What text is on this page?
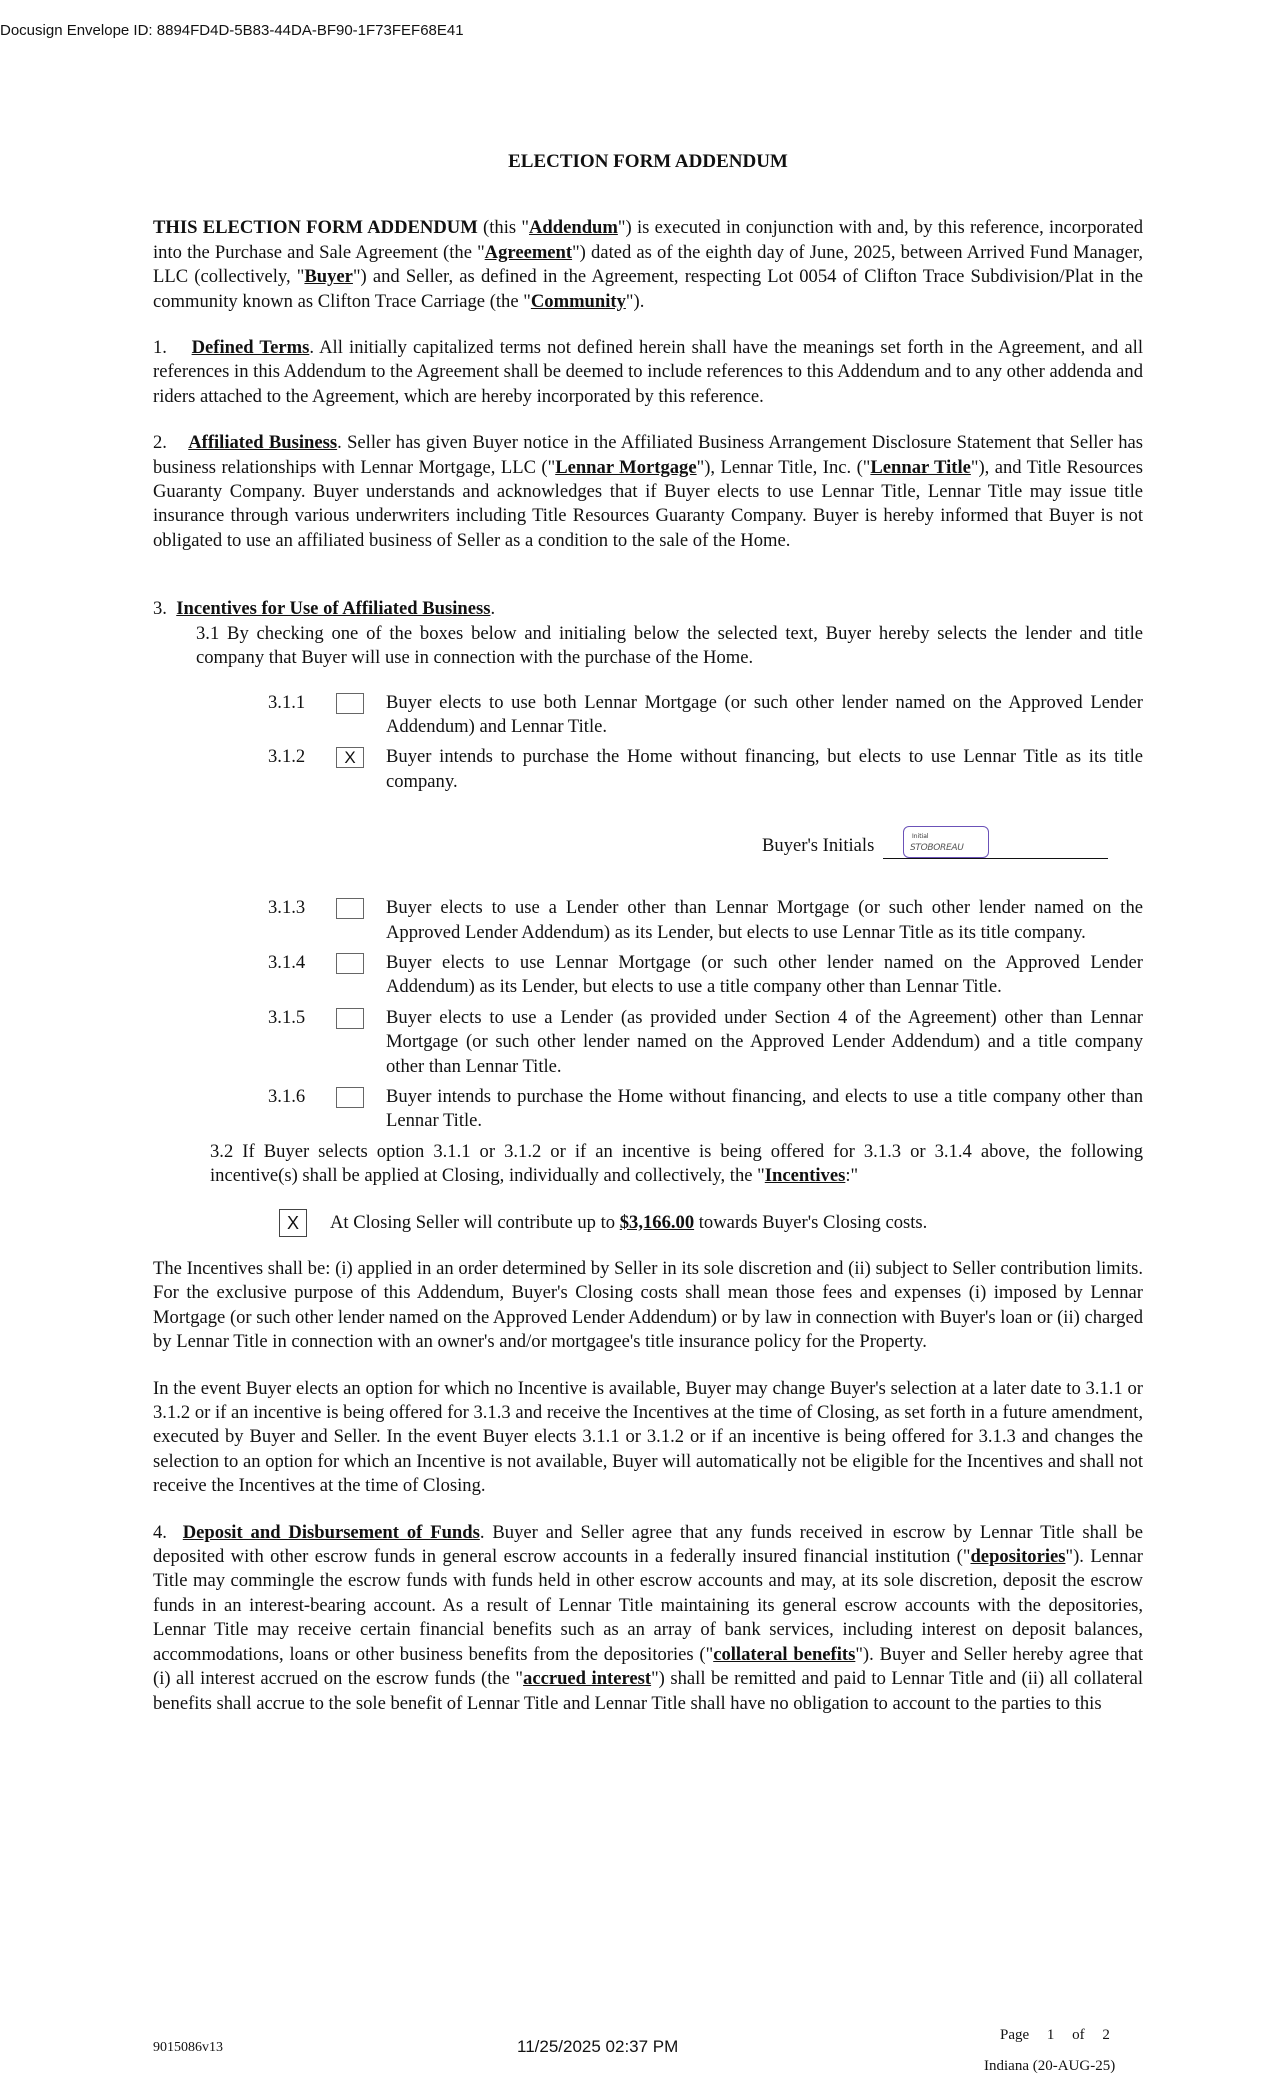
Docusign Envelope ID: 8894FD4D-5B83-44DA-BF90-1F73FEF68E41
ELECTION FORM ADDENDUM

THIS ELECTION FORM ADDENDUM (this "Addendum") is executed in conjunction with and, by this reference, incorporated into the Purchase and Sale Agreement (the "Agreement") dated as of the eighth day of June, 2025, between Arrived Fund Manager, LLC (collectively, "Buyer") and Seller, as defined in the Agreement, respecting Lot 0054 of Clifton Trace Subdivision/Plat in the community known as Clifton Trace Carriage (the "Community").

1. Defined Terms. All initially capitalized terms not defined herein shall have the meanings set forth in the Agreement, and all references in this Addendum to the Agreement shall be deemed to include references to this Addendum and to any other addenda and riders attached to the Agreement, which are hereby incorporated by this reference.

2. Affiliated Business. Seller has given Buyer notice in the Affiliated Business Arrangement Disclosure Statement that Seller has business relationships with Lennar Mortgage, LLC ("Lennar Mortgage"), Lennar Title, Inc. ("Lennar Title"), and Title Resources Guaranty Company. Buyer understands and acknowledges that if Buyer elects to use Lennar Title, Lennar Title may issue title insurance through various underwriters including Title Resources Guaranty Company. Buyer is hereby informed that Buyer is not obligated to use an affiliated business of Seller as a condition to the sale of the Home.

3. Incentives for Use of Affiliated Business.

3.1 By checking one of the boxes below and initialing below the selected text, Buyer hereby selects the lender and title company that Buyer will use in connection with the purchase of the Home.

3.1.1	Buyer elects to use both Lennar Mortgage (or such other lender named on the Approved Lender Addendum) and Lennar Title.
3.1.2	X	Buyer intends to purchase the Home without financing, but elects to use Lennar Title as its title company.
Buyer's Initials	Initial
STOBOREAU
3.1.3	Buyer elects to use a Lender other than Lennar Mortgage (or such other lender named on the Approved Lender Addendum) as its Lender, but elects to use Lennar Title as its title company.
3.1.4	Buyer elects to use Lennar Mortgage (or such other lender named on the Approved Lender Addendum) as its Lender, but elects to use a title company other than Lennar Title.
3.1.5	Buyer elects to use a Lender (as provided under Section 4 of the Agreement) other than Lennar Mortgage (or such other lender named on the Approved Lender Addendum) and a title company other than Lennar Title.
3.1.6	Buyer intends to purchase the Home without financing, and elects to use a title company other than Lennar Title.

3.2 If Buyer selects option 3.1.1 or 3.1.2 or if an incentive is being offered for 3.1.3 or 3.1.4 above, the following incentive(s) shall be applied at Closing, individually and collectively, the "Incentives:"

X	At Closing Seller will contribute up to $3,166.00 towards Buyer's Closing costs.

The Incentives shall be: (i) applied in an order determined by Seller in its sole discretion and (ii) subject to Seller contribution limits. For the exclusive purpose of this Addendum, Buyer's Closing costs shall mean those fees and expenses (i) imposed by Lennar Mortgage (or such other lender named on the Approved Lender Addendum) or by law in connection with Buyer's loan or (ii) charged by Lennar Title in connection with an owner's and/or mortgagee's title insurance policy for the Property.

In the event Buyer elects an option for which no Incentive is available, Buyer may change Buyer's selection at a later date to 3.1.1 or 3.1.2 or if an incentive is being offered for 3.1.3 and receive the Incentives at the time of Closing, as set forth in a future amendment, executed by Buyer and Seller. In the event Buyer elects 3.1.1 or 3.1.2 or if an incentive is being offered for 3.1.3 and changes the selection to an option for which an Incentive is not available, Buyer will automatically not be eligible for the Incentives and shall not receive the Incentives at the time of Closing.

4. Deposit and Disbursement of Funds. Buyer and Seller agree that any funds received in escrow by Lennar Title shall be deposited with other escrow funds in general escrow accounts in a federally insured financial institution ("depositories"). Lennar Title may commingle the escrow funds with funds held in other escrow accounts and may, at its sole discretion, deposit the escrow funds in an interest-bearing account. As a result of Lennar Title maintaining its general escrow accounts with the depositories, Lennar Title may receive certain financial benefits such as an array of bank services, including interest on deposit balances, accommodations, loans or other business benefits from the depositories ("collateral benefits"). Buyer and Seller hereby agree that (i) all interest accrued on the escrow funds (the "accrued interest") shall be remitted and paid to Lennar Title and (ii) all collateral benefits shall accrue to the sole benefit of Lennar Title and Lennar Title shall have no obligation to account to the parties to this

9015086v13	11/25/2025 02:37 PM
Page 1 of 2
Indiana (20-AUG-25)
